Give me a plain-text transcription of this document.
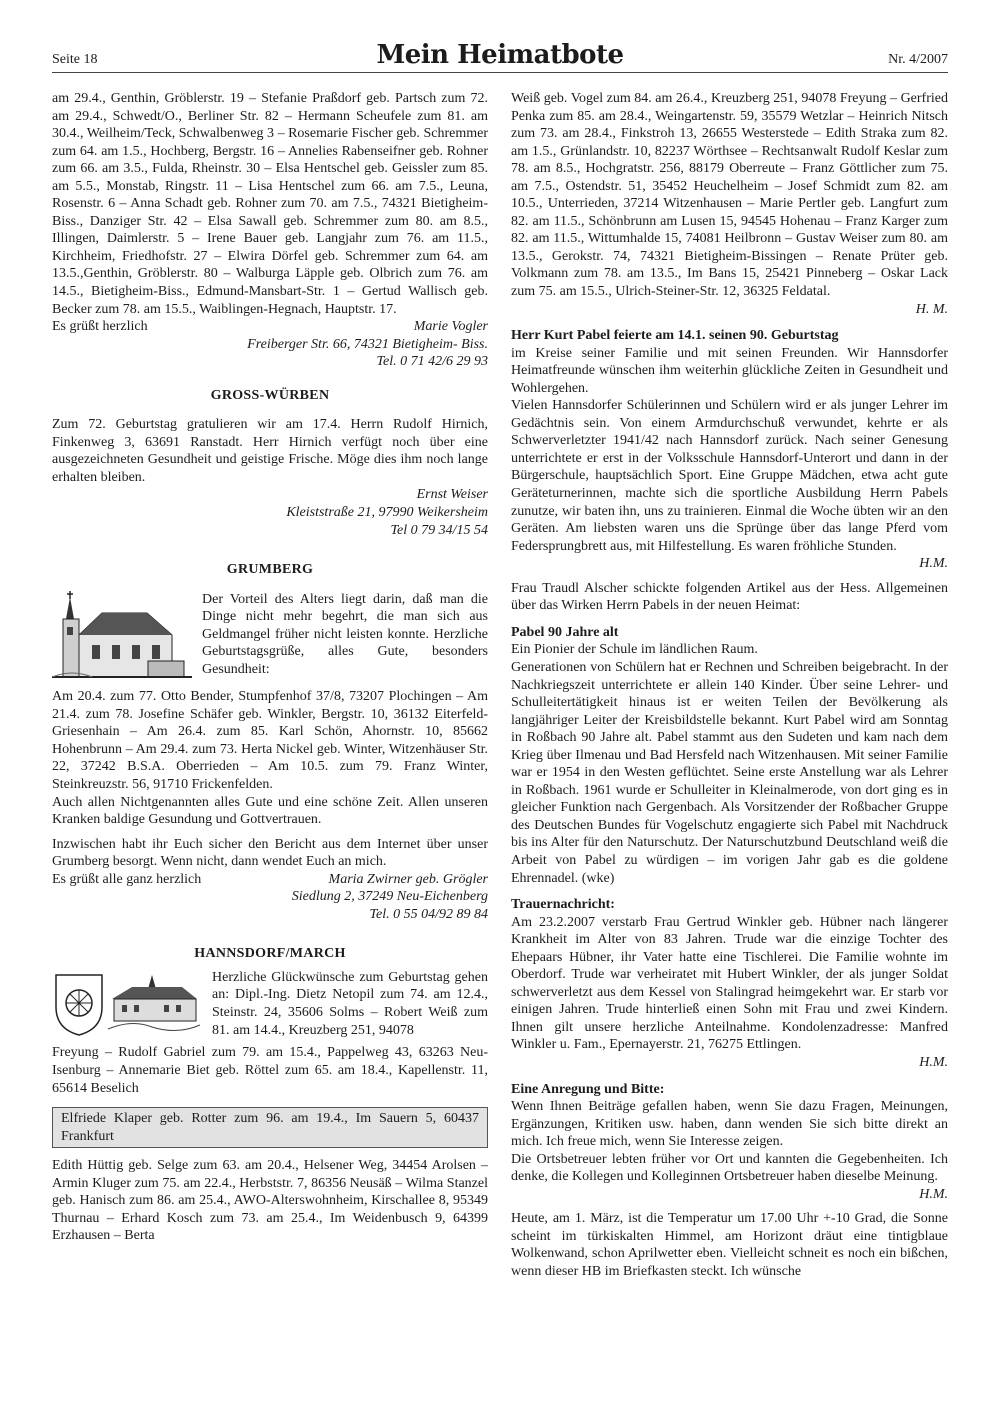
Seite 18	Mein Heimatbote	Nr. 4/2007

am 29.4., Genthin, Gröblerstr. 19 – Stefanie Praßdorf geb. Partsch zum 72. am 29.4., Schwedt/O., Berliner Str. 82 – Hermann Scheufele zum 81. am 30.4., Weilheim/Teck, Schwalbenweg 3 – Rosemarie Fischer geb. Schremmer zum 64. am 1.5., Hochberg, Bergstr. 16 – Annelies Rabenseifner geb. Rohner zum 66. am 3.5., Fulda, Rheinstr. 30 – Elsa Hentschel geb. Geissler zum 85. am 5.5., Monstab, Ringstr. 11 – Lisa Hentschel zum 66. am 7.5., Leuna, Rosenstr. 6 – Anna Schadt geb. Rohner zum 70. am 7.5., 74321 Bietigheim-Biss., Danziger Str. 42 – Elsa Sawall geb. Schremmer zum 80. am 8.5., Illingen, Daimlerstr. 5 – Irene Bauer geb. Langjahr zum 76. am 11.5., Kirchheim, Friedhofstr. 27 – Elwira Dörfel geb. Schremmer zum 64. am 13.5.,Genthin, Gröblerstr. 80 – Walburga Läpple geb. Olbrich zum 76. am 14.5., Bietigheim-Biss., Edmund-Mansbart-Str. 1 – Gertud Wallisch geb. Becker zum 78. am 15.5., Waiblingen-Hegnach, Hauptstr. 17.

Es grüßt herzlich	Marie Vogler

Freiberger Str. 66, 74321 Bietigheim- Biss.

Tel. 0 71 42/6 29 93

GROSS-WÜRBEN

Zum 72. Geburtstag gratulieren wir am 17.4. Herrn Rudolf Hirnich, Finkenweg 3, 63691 Ranstadt. Herr Hirnich verfügt noch über eine ausgezeichneten Gesundheit und geistige Frische. Möge dies ihm noch lange erhalten bleiben.

Ernst Weiser

Kleiststraße 21, 97990 Weikersheim

Tel 0 79 34/15 54

GRUMBERG

Der Vorteil des Alters liegt darin, daß man die Dinge nicht mehr begehrt, die man sich aus Geldmangel früher nicht leisten konnte. Herzliche Geburtstagsgrüße, alles Gute, besonders Gesundheit:

Am 20.4. zum 77. Otto Bender, Stumpfenhof 37/8, 73207 Plochingen – Am 21.4. zum 78. Josefine Schäfer geb. Winkler, Bergstr. 10, 36132 Eiterfeld-Griesenhain – Am 26.4. zum 85. Karl Schön, Ahornstr. 10, 85662 Hohenbrunn – Am 29.4. zum 73. Herta Nickel geb. Winter, Witzenhäuser Str. 22, 37242 B.S.A. Oberrieden – Am 10.5. zum 79. Franz Winter, Steinkreuzstr. 56, 91710 Frickenfelden.

Auch allen Nichtgenannten alles Gute und eine schöne Zeit. Allen unseren Kranken baldige Gesundung und Gottvertrauen.

Inzwischen habt ihr Euch sicher den Bericht aus dem Internet über unser Grumberg besorgt. Wenn nicht, dann wendet Euch an mich.

Es grüßt alle ganz herzlich	Maria Zwirner geb. Grögler

Siedlung 2, 37249 Neu-Eichenberg

Tel. 0 55 04/92 89 84

HANNSDORF/MARCH

Herzliche Glückwünsche zum Geburtstag gehen an: Dipl.-Ing. Dietz Netopil zum 74. am 12.4., Steinstr. 24, 35606 Solms – Robert Weiß zum 81. am 14.4., Kreuzberg 251, 94078

Freyung – Rudolf Gabriel zum 79. am 15.4., Pappelweg 43, 63263 Neu-Isenburg – Annemarie Biet geb. Röttel zum 65. am 18.4., Kapellenstr. 11, 65614 Beselich

Elfriede Klaper geb. Rotter zum 96. am 19.4., Im Sauern 5, 60437 Frankfurt

Edith Hüttig geb. Selge zum 63. am 20.4., Helsener Weg, 34454 Arolsen – Armin Kluger zum 75. am 22.4., Herbststr. 7, 86356 Neusäß – Wilma Stanzel geb. Hanisch zum 86. am 25.4., AWO-Alterswohnheim, Kirschallee 8, 95349 Thurnau – Erhard Kosch zum 73. am 25.4., Im Weidenbusch 9, 64399 Erzhausen – Berta

Weiß geb. Vogel zum 84. am 26.4., Kreuzberg 251, 94078 Freyung – Gerfried Penka zum 85. am 28.4., Weingartenstr. 59, 35579 Wetzlar – Heinrich Nitsch zum 73. am 28.4., Finkstroh 13, 26655 Westerstede – Edith Straka zum 82. am 1.5., Grünlandstr. 10, 82237 Wörthsee – Rechtsanwalt Rudolf Keslar zum 78. am 8.5., Hochgratstr. 256, 88179 Oberreute – Franz Göttlicher zum 75. am 7.5., Ostendstr. 51, 35452 Heuchelheim – Josef Schmidt zum 82. am 10.5., Unterrieden, 37214 Witzenhausen – Marie Pertler geb. Langfurt zum 82. am 11.5., Schönbrunn am Lusen 15, 94545 Hohenau – Franz Karger zum 82. am 11.5., Wittumhalde 15, 74081 Heilbronn – Gustav Weiser zum 80. am 13.5., Gerokstr. 74, 74321 Bietigheim-Bissingen – Renate Prüter geb. Volkmann zum 78. am 13.5., Im Bans 15, 25421 Pinneberg – Oskar Lack zum 75. am 15.5., Ulrich-Steiner-Str. 12, 36325 Feldatal.

H. M.

Herr Kurt Pabel feierte am 14.1. seinen 90. Geburtstag

im Kreise seiner Familie und mit seinen Freunden. Wir Hannsdorfer Heimatfreunde wünschen ihm weiterhin glückliche Zeiten in Gesundheit und Wohlergehen.

Vielen Hannsdorfer Schülerinnen und Schülern wird er als junger Lehrer im Gedächtnis sein. Von einem Armdurchschuß verwundet, kehrte er als Schwerverletzter 1941/42 nach Hannsdorf zurück. Nach seiner Genesung unterrichtete er erst in der Volksschule Hannsdorf-Unterort und dann in der Bürgerschule, hauptsächlich Sport. Eine Gruppe Mädchen, etwa acht gute Geräteturnerinnen, machte sich die sportliche Ausbildung Herrn Pabels zunutze, wir baten ihn, uns zu trainieren. Einmal die Woche übten wir an den Geräten. Am liebsten waren uns die Sprünge über das lange Pferd vom Federsprungbrett aus, mit Hilfestellung. Es waren fröhliche Stunden.

H.M.

Frau Traudl Alscher schickte folgenden Artikel aus der Hess. Allgemeinen über das Wirken Herrn Pabels in der neuen Heimat:

Pabel 90 Jahre alt

Ein Pionier der Schule im ländlichen Raum.

Generationen von Schülern hat er Rechnen und Schreiben beigebracht. In der Nachkriegszeit unterrichtete er allein 140 Kinder. Über seine Lehrer- und Schulleitertätigkeit hinaus ist er weiten Teilen der Bevölkerung als langjähriger Leiter der Kreisbildstelle bekannt. Kurt Pabel wird am Sonntag in Roßbach 90 Jahre alt. Pabel stammt aus den Sudeten und kam nach dem Krieg über Ilmenau und Bad Hersfeld nach Witzenhausen. Mit seiner Familie war er 1954 in den Westen geflüchtet. Seine erste Anstellung war als Lehrer in Roßbach. 1961 wurde er Schulleiter in Kleinalmerode, von dort ging es in gleicher Funktion nach Gergenbach. Als Vorsitzender der Roßbacher Gruppe des Deutschen Bundes für Vogelschutz engagierte sich Pabel mit Nachdruck bis ins Alter für den Naturschutz. Der Naturschutzbund Deutschland weiß die Arbeit von Pabel zu würdigen – im vorigen Jahr gab es die goldene Ehrennadel. (wke)

Trauernachricht:

Am 23.2.2007 verstarb Frau Gertrud Winkler geb. Hübner nach längerer Krankheit im Alter von 83 Jahren. Trude war die einzige Tochter des Ehepaars Hübner, ihr Vater hatte eine Tischlerei. Die Familie wohnte im Oberdorf. Trude war verheiratet mit Hubert Winkler, der als junger Soldat schwerverletzt aus dem Kessel von Stalingrad heimgekehrt war. Er starb vor einigen Jahren. Trude hinterließ einen Sohn mit Frau und zwei Kindern. Ihnen gilt unsere herzliche Anteilnahme. Kondolenzadresse: Manfred Winkler u. Fam., Epernayerstr. 21, 76275 Ettlingen.

H.M.

Eine Anregung und Bitte:

Wenn Ihnen Beiträge gefallen haben, wenn Sie dazu Fragen, Meinungen, Ergänzungen, Kritiken usw. haben, dann wenden Sie sich bitte direkt an mich. Ich freue mich, wenn Sie Interesse zeigen.

Die Ortsbetreuer lebten früher vor Ort und kannten die Gegebenheiten. Ich denke, die Kollegen und Kolleginnen Ortsbetreuer haben dieselbe Meinung.

H.M.

Heute, am 1. März, ist die Temperatur um 17.00 Uhr +-10 Grad, die Sonne scheint im türkiskalten Himmel, am Horizont dräut eine tintigblaue Wolkenwand, schon Aprilwetter eben. Vielleicht schneit es noch ein bißchen, wenn dieser HB im Briefkasten steckt. Ich wünsche
